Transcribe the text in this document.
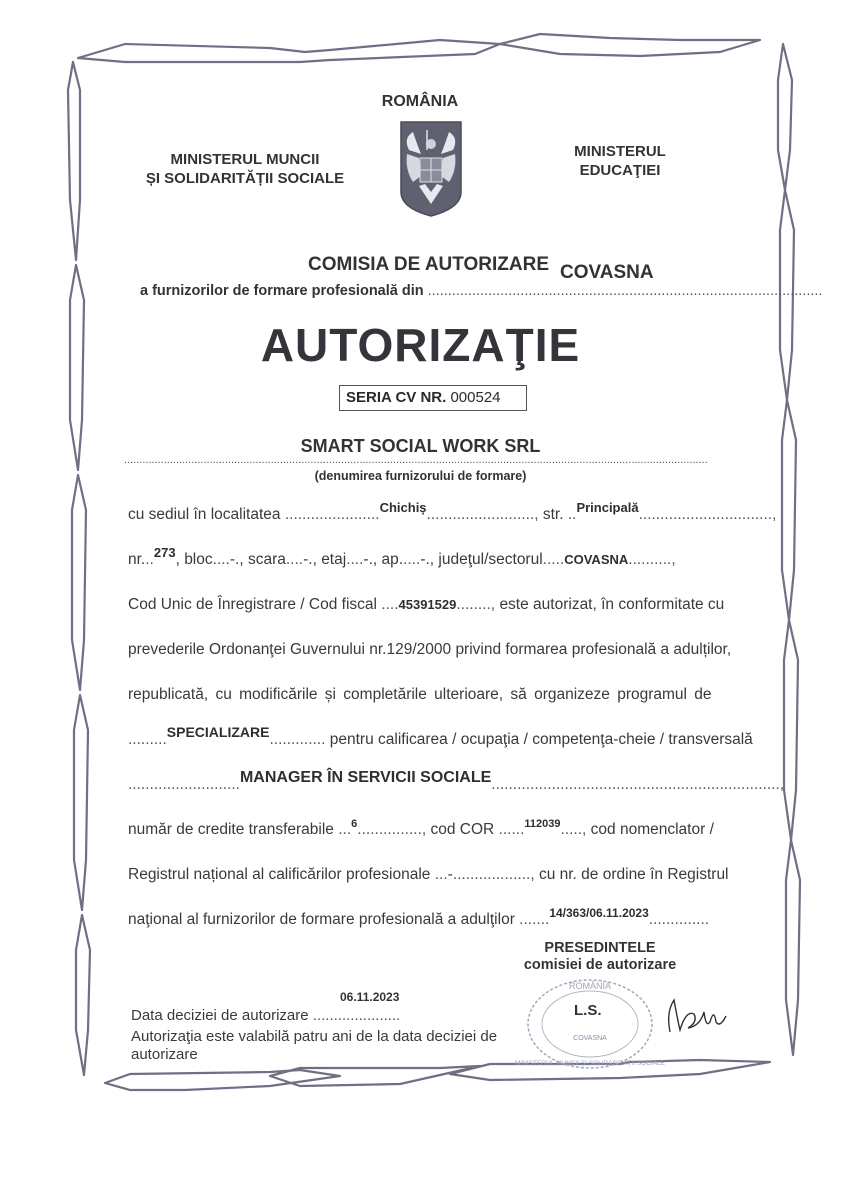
ROMÂNIA
MINISTERUL MUNCII
ȘI SOLIDARITĂȚII SOCIALE
MINISTERUL
EDUCAŢIEI
COMISIA DE AUTORIZARE COVASNA
a furnizorilor de formare profesională din ..................................................................................................
AUTORIZAŢIE
SERIA CV NR. 000524
SMART SOCIAL WORK SRL
...............................................................................................................................................................................................
(denumirea furnizorului de formare)
cu sediul în localitatea ......................$^{Chichiș}$........................., str. ..$^{Principală}$...............................,
nr...$^{273}$, bloc....-., scara....-., etaj....-., ap.....-., judeţul/sectorul.....COVASNA..........,
Cod Unic de Înregistrare / Cod fiscal ....45391529........, este autorizat, în conformitate cu
prevederile Ordonanţei Guvernului nr.129/2000 privind formarea profesională a adulților,
republicată, cu modificările și completările ulterioare, să organizeze programul de
.........SPECIALIZARE............. pentru calificarea / ocupaţia / competenţa-cheie / transversală
..........................MANAGER ÎN SERVICII SOCIALE...................................................................,
număr de credite transferabile ...$^6$..............., cod COR ......$^{112039}$....., cod nomenclator /
Registrul național al calificărilor profesionale ...-.................., cu nr. de ordine în Registrul
naţional al furnizorilor de formare profesională a adulţilor .......$^{14/363/06.11.2023}$..............
PRESEDINTELE
comisiei de autorizare
ROMÂNIA
COVASNA
MINISTERUL MUNCII ȘI SOLIDARITĂȚII SOCIALE
L.S.
06.11.2023
Data deciziei de autorizare .....................
Autorizaţia este valabilă patru ani de la data deciziei de autorizare
